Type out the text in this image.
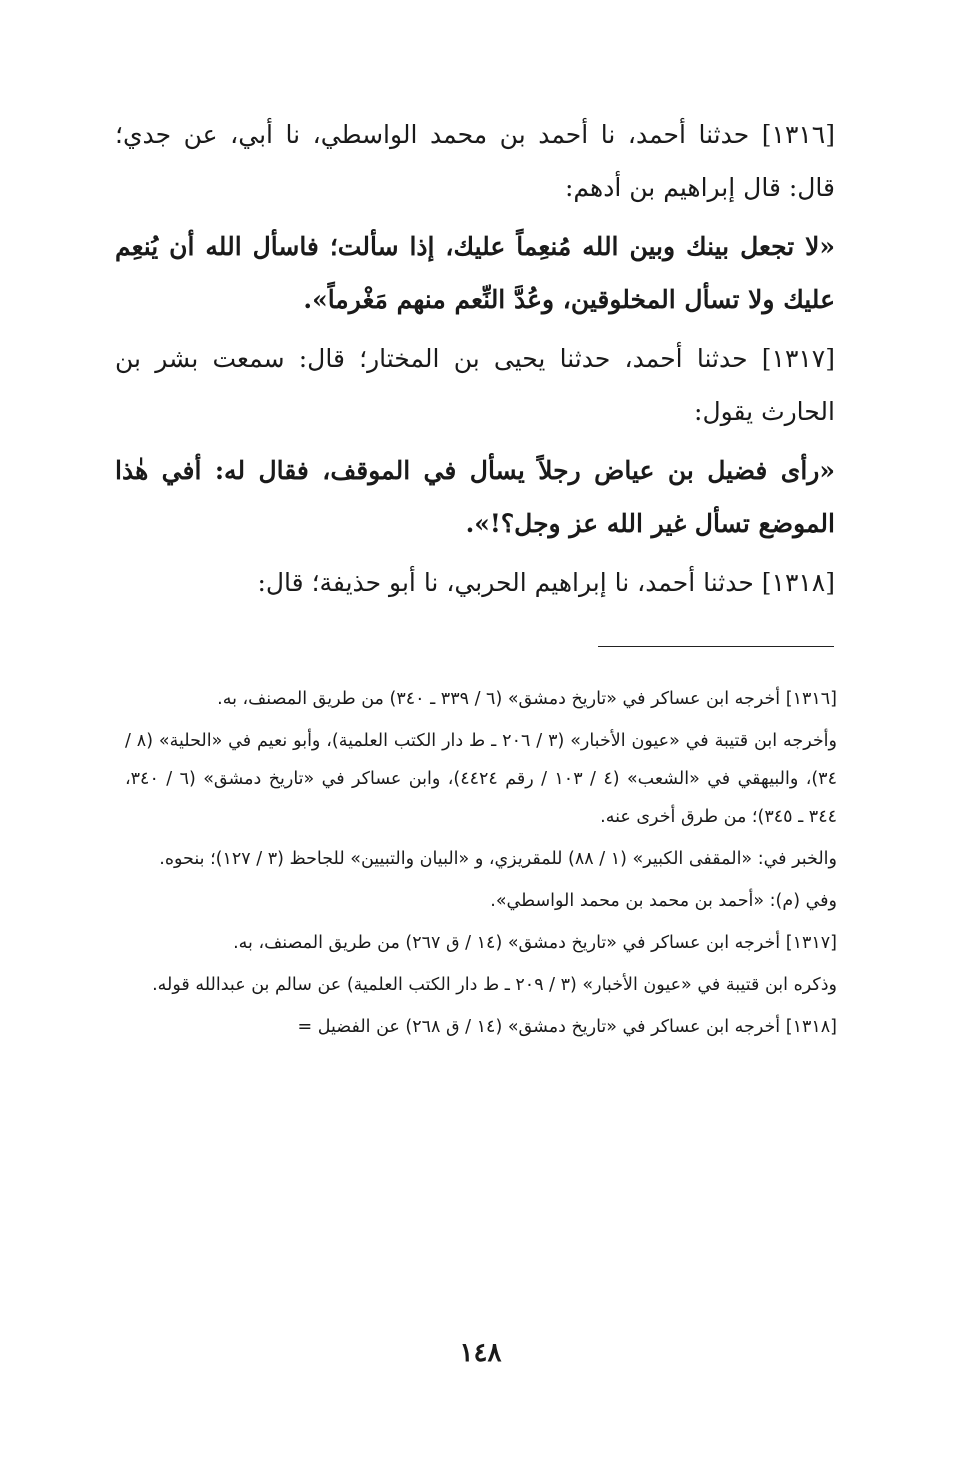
[١٣١٦] حدثنا أحمد، نا أحمد بن محمد الواسطي، نا أبي، عن جدي؛ قال: قال إبراهيم بن أدهم:

«لا تجعل بينك وبين الله مُنعِماً عليك، إذا سألت؛ فاسأل الله أن يُنعِم عليك ولا تسأل المخلوقين، وعُدَّ النِّعم منهم مَغْرماً».

[١٣١٧] حدثنا أحمد، حدثنا يحيى بن المختار؛ قال: سمعت بشر بن الحارث يقول:

«رأى فضيل بن عياض رجلاً يسأل في الموقف، فقال له: أفي هٰذا الموضع تسأل غير الله عز وجل؟!».

[١٣١٨] حدثنا أحمد، نا إبراهيم الحربي، نا أبو حذيفة؛ قال:

[١٣١٦] أخرجه ابن عساكر في «تاريخ دمشق» (٦ / ٣٣٩ ـ ٣٤٠) من طريق المصنف، به.

وأخرجه ابن قتيبة في «عيون الأخبار» (٣ / ٢٠٦ ـ ط دار الكتب العلمية)، وأبو نعيم في «الحلية» (٨ / ٣٤)، والبيهقي في «الشعب» (٤ / ١٠٣ / رقم ٤٤٢٤)، وابن عساكر في «تاريخ دمشق» (٦ / ٣٤٠، ٣٤٤ ـ ٣٤٥)؛ من طرق أخرى عنه.

والخبر في: «المقفى الكبير» (١ / ٨٨) للمقريزي، و «البيان والتبيين» للجاحظ (٣ / ١٢٧)؛ بنحوه.

وفي (م): «أحمد بن محمد بن محمد الواسطي».

[١٣١٧] أخرجه ابن عساكر في «تاريخ دمشق» (١٤ / ق ٢٦٧) من طريق المصنف، به.

وذكره ابن قتيبة في «عيون الأخبار» (٣ / ٢٠٩ ـ ط دار الكتب العلمية) عن سالم بن عبدالله قوله.

[١٣١٨] أخرجه ابن عساكر في «تاريخ دمشق» (١٤ / ق ٢٦٨) عن الفضيل =

١٤٨
